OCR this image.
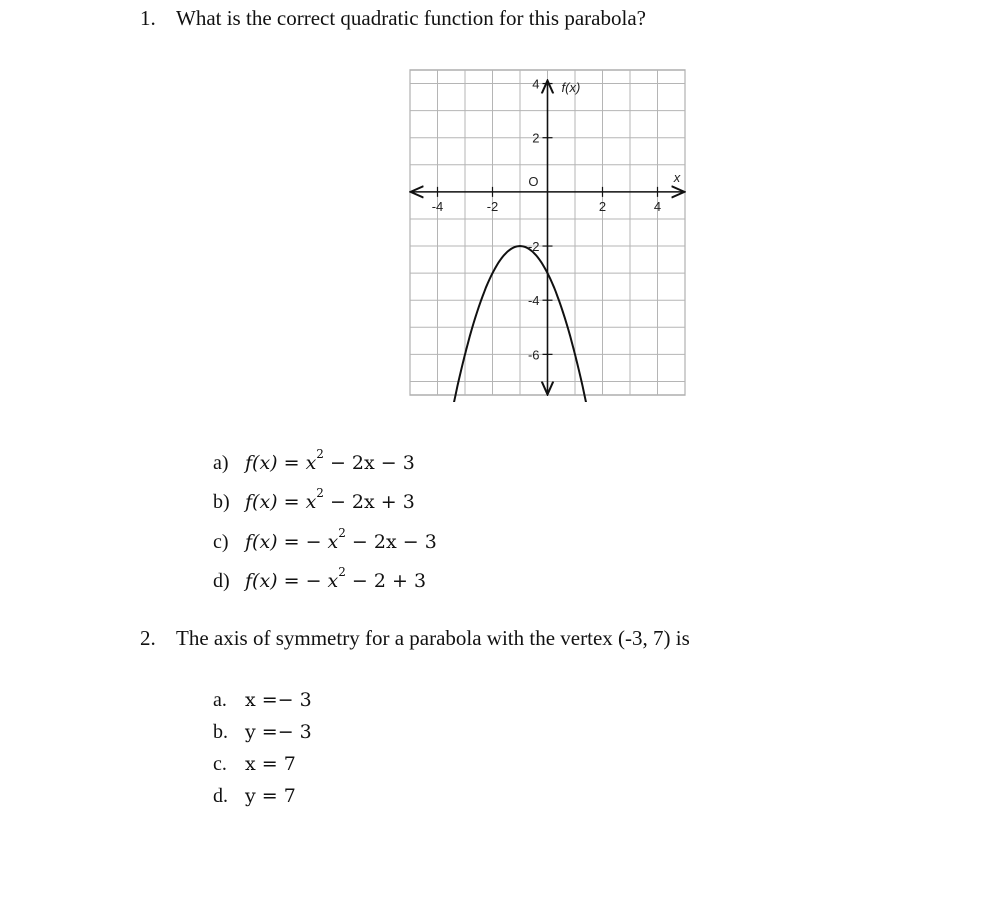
1. What is the correct quadratic function for this parabola?
-4	-2	2	4
4
2
-2
-4
-6
O	x
f(x)
a) $f(x) = x^2 - 2x - 3$
b) $f(x) = x^2 - 2x + 3$
c) f(x) = − $x^2 - 2x - 3$
d) f(x) = − $x^2 - 2 + 3$
2. The axis of symmetry for a parabola with the vertex (-3, 7) is
a. x =− 3
b. y =− 3
c. x = 7
d. y = 7
